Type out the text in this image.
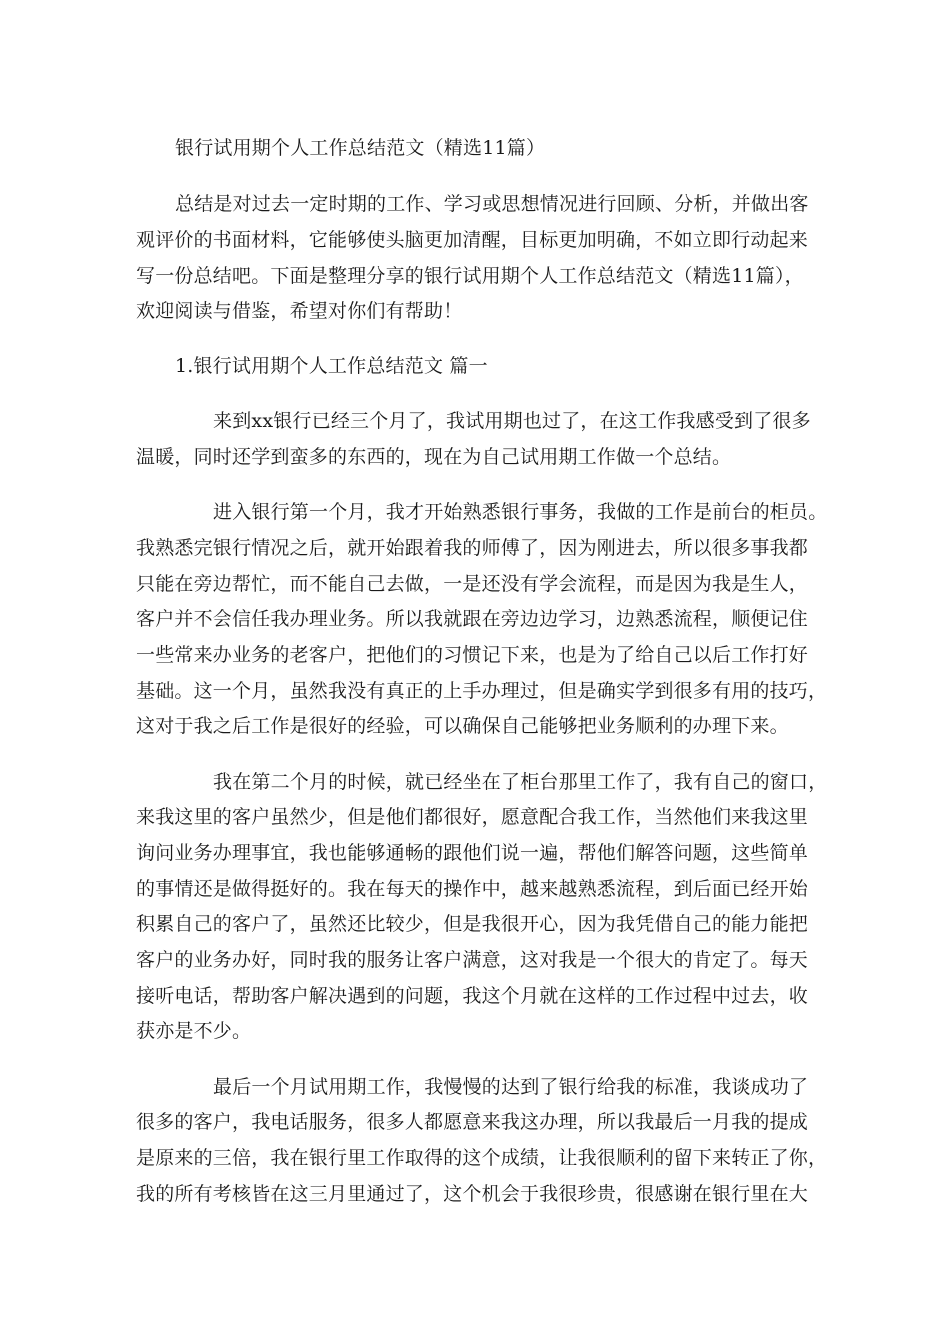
银行试用期个人工作总结范文（精选11篇）
总结是对过去一定时期的工作、学习或思想情况进行回顾、分析，并做出客
观评价的书面材料，它能够使头脑更加清醒，目标更加明确，不如立即行动起来
写一份总结吧。下面是整理分享的银行试用期个人工作总结范文（精选11篇），
欢迎阅读与借鉴，希望对你们有帮助！
1.银行试用期个人工作总结范文 篇一
来到xx银行已经三个月了，我试用期也过了，在这工作我感受到了很多
温暖，同时还学到蛮多的东西的，现在为自己试用期工作做一个总结。
进入银行第一个月，我才开始熟悉银行事务，我做的工作是前台的柜员。
我熟悉完银行情况之后，就开始跟着我的师傅了，因为刚进去，所以很多事我都
只能在旁边帮忙，而不能自己去做，一是还没有学会流程，而是因为我是生人，
客户并不会信任我办理业务。所以我就跟在旁边边学习，边熟悉流程，顺便记住
一些常来办业务的老客户，把他们的习惯记下来，也是为了给自己以后工作打好
基础。这一个月，虽然我没有真正的上手办理过，但是确实学到很多有用的技巧，
这对于我之后工作是很好的经验，可以确保自己能够把业务顺利的办理下来。
我在第二个月的时候，就已经坐在了柜台那里工作了，我有自己的窗口，
来我这里的客户虽然少，但是他们都很好，愿意配合我工作，当然他们来我这里
询问业务办理事宜，我也能够通畅的跟他们说一遍，帮他们解答问题，这些简单
的事情还是做得挺好的。我在每天的操作中，越来越熟悉流程，到后面已经开始
积累自己的客户了，虽然还比较少，但是我很开心，因为我凭借自己的能力能把
客户的业务办好，同时我的服务让客户满意，这对我是一个很大的肯定了。每天
接听电话，帮助客户解决遇到的问题，我这个月就在这样的工作过程中过去，收
获亦是不少。
最后一个月试用期工作，我慢慢的达到了银行给我的标准，我谈成功了
很多的客户，我电话服务，很多人都愿意来我这办理，所以我最后一月我的提成
是原来的三倍，我在银行里工作取得的这个成绩，让我很顺利的留下来转正了你，
我的所有考核皆在这三月里通过了，这个机会于我很珍贵，很感谢在银行里在大
